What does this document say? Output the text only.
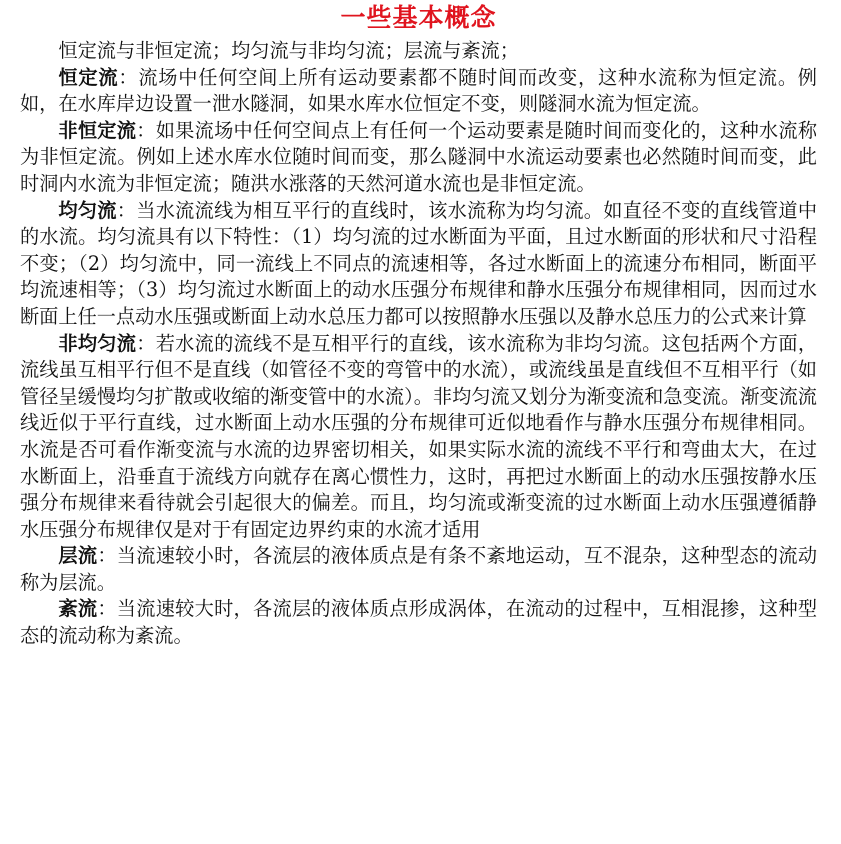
一些基本概念

恒定流与非恒定流；均匀流与非均匀流；层流与紊流；

恒定流：流场中任何空间上所有运动要素都不随时间而改变，这种水流称为恒定流。例如，在水库岸边设置一泄水隧洞，如果水库水位恒定不变，则隧洞水流为恒定流。

非恒定流：如果流场中任何空间点上有任何一个运动要素是随时间而变化的，这种水流称为非恒定流。例如上述水库水位随时间而变，那么隧洞中水流运动要素也必然随时间而变，此时洞内水流为非恒定流；随洪水涨落的天然河道水流也是非恒定流。

均匀流：当水流流线为相互平行的直线时，该水流称为均匀流。如直径不变的直线管道中的水流。均匀流具有以下特性：（1）均匀流的过水断面为平面，且过水断面的形状和尺寸沿程不变；（2）均匀流中，同一流线上不同点的流速相等，各过水断面上的流速分布相同，断面平均流速相等；（3）均匀流过水断面上的动水压强分布规律和静水压强分布规律相同，因而过水断面上任一点动水压强或断面上动水总压力都可以按照静水压强以及静水总压力的公式来计算

非均匀流：若水流的流线不是互相平行的直线，该水流称为非均匀流。这包括两个方面，流线虽互相平行但不是直线（如管径不变的弯管中的水流），或流线虽是直线但不互相平行（如管径呈缓慢均匀扩散或收缩的渐变管中的水流）。非均匀流又划分为渐变流和急变流。渐变流流线近似于平行直线，过水断面上动水压强的分布规律可近似地看作与静水压强分布规律相同。水流是否可看作渐变流与水流的边界密切相关，如果实际水流的流线不平行和弯曲太大，在过水断面上，沿垂直于流线方向就存在离心惯性力，这时，再把过水断面上的动水压强按静水压强分布规律来看待就会引起很大的偏差。而且，均匀流或渐变流的过水断面上动水压强遵循静水压强分布规律仅是对于有固定边界约束的水流才适用

层流：当流速较小时，各流层的液体质点是有条不紊地运动，互不混杂，这种型态的流动称为层流。

紊流：当流速较大时，各流层的液体质点形成涡体，在流动的过程中，互相混掺，这种型态的流动称为紊流。
